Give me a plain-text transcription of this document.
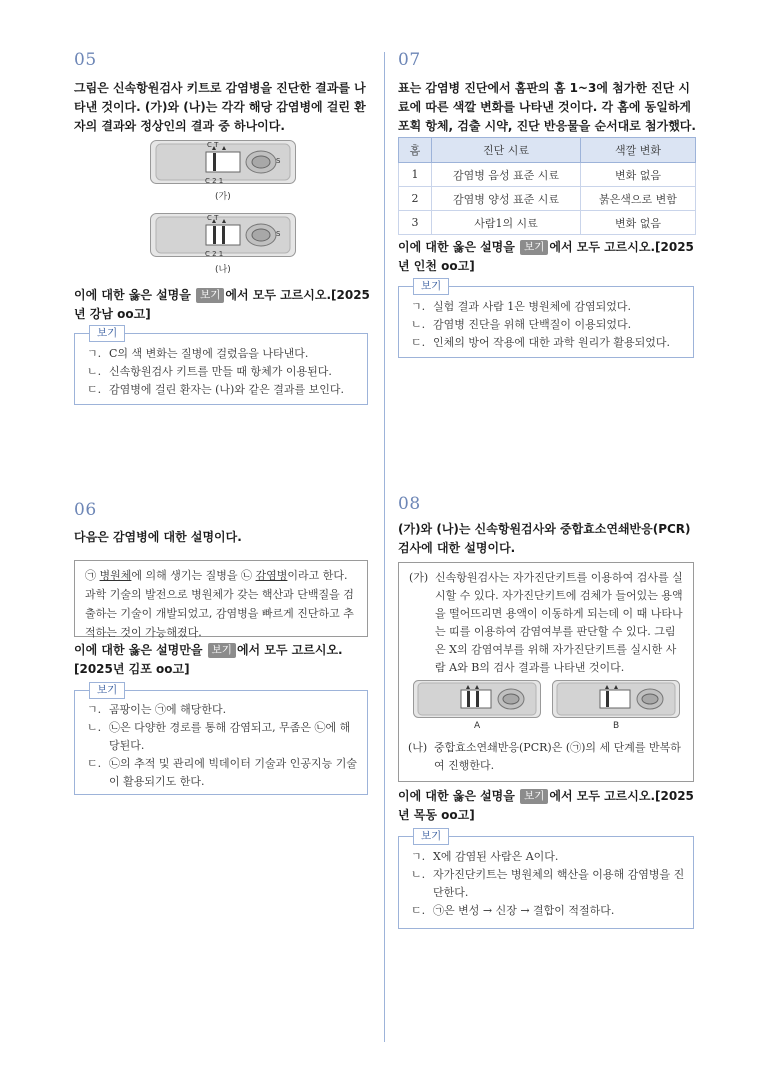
05
그림은 신속항원검사 키트로 감염병을 진단한 결과를 나타낸 것이다. (가)와 (나)는 각각 해당 감염병에 걸린 환자의 결과와 정상인의 결과 중 하나이다.
C T
C 2 1
S
(가)
C T
C 2 1
S
(나)
이에 대한 옳은 설명을 보기 에서 모두 고르시오.[2025년 강남 oo고]
보기
ㄱ. C의 색 변화는 질병에 걸렸음을 나타낸다.
ㄴ. 신속항원검사 키트를 만들 때 항체가 이용된다.
ㄷ. 감염병에 걸린 환자는 (나)와 같은 결과를 보인다.
06
다음은 감염병에 대한 설명이다.
㉠ 병원체에 의해 생기는 질병을 ㉡ 감염병이라고 한다. 과학 기술의 발전으로 병원체가 갖는 핵산과 단백질을 검출하는 기술이 개발되었고, 감염병을 빠르게 진단하고 추적하는 것이 가능해졌다.
이에 대한 옳은 설명만을 보기 에서 모두 고르시오. [2025년 김포 oo고]
보기
ㄱ. 곰팡이는 ㉠에 해당한다.
ㄴ. ㉡은 다양한 경로를 통해 감염되고, 무좀은 ㉡에 해당된다.
ㄷ. ㉡의 추적 및 관리에 빅데이터 기술과 인공지능 기술이 활용되기도 한다.
07
표는 감염병 진단에서 홈판의 홈 1~3에 첨가한 진단 시료에 따른 색깔 변화를 나타낸 것이다. 각 홈에 동일하게 포획 항체, 검출 시약, 진단 반응물을 순서대로 첨가했다.
홈	진단 시료	색깔 변화
1	감염병 음성 표준 시료	변화 없음
2	감염병 양성 표준 시료	붉은색으로 변함
3	사람1의 시료	변화 없음
이에 대한 옳은 설명을 보기 에서 모두 고르시오.[2025년 인천 oo고]
보기
ㄱ. 실험 결과 사람 1은 병원체에 감염되었다.
ㄴ. 감염병 진단을 위해 단백질이 이용되었다.
ㄷ. 인체의 방어 작용에 대한 과학 원리가 활용되었다.
08
(가)와 (나)는 신속항원검사와 중합효소연쇄반응(PCR)검사에 대한 설명이다.
(가) 신속항원검사는 자가진단키트를 이용하여 검사를 실시할 수 있다. 자가진단키트에 검체가 들어있는 용액을 떨어뜨리면 용액이 이동하게 되는데 이 때 나타나는 띠를 이용하여 감염여부를 판단할 수 있다. 그림은 X의 감염여부를 위해 자가진단키트를 실시한 사람 A와 B의 검사 결과를 나타낸 것이다.
A	B
(나) 중합효소연쇄반응(PCR)은 (㉠)의 세 단계를 반복하여 진행한다.
이에 대한 옳은 설명을 보기 에서 모두 고르시오.[2025년 목동 oo고]
보기
ㄱ. X에 감염된 사람은 A이다.
ㄴ. 자가진단키트는 병원체의 핵산을 이용해 감염병을 진단한다.
ㄷ. ㉠은 변성 → 신장 → 결합이 적절하다.
